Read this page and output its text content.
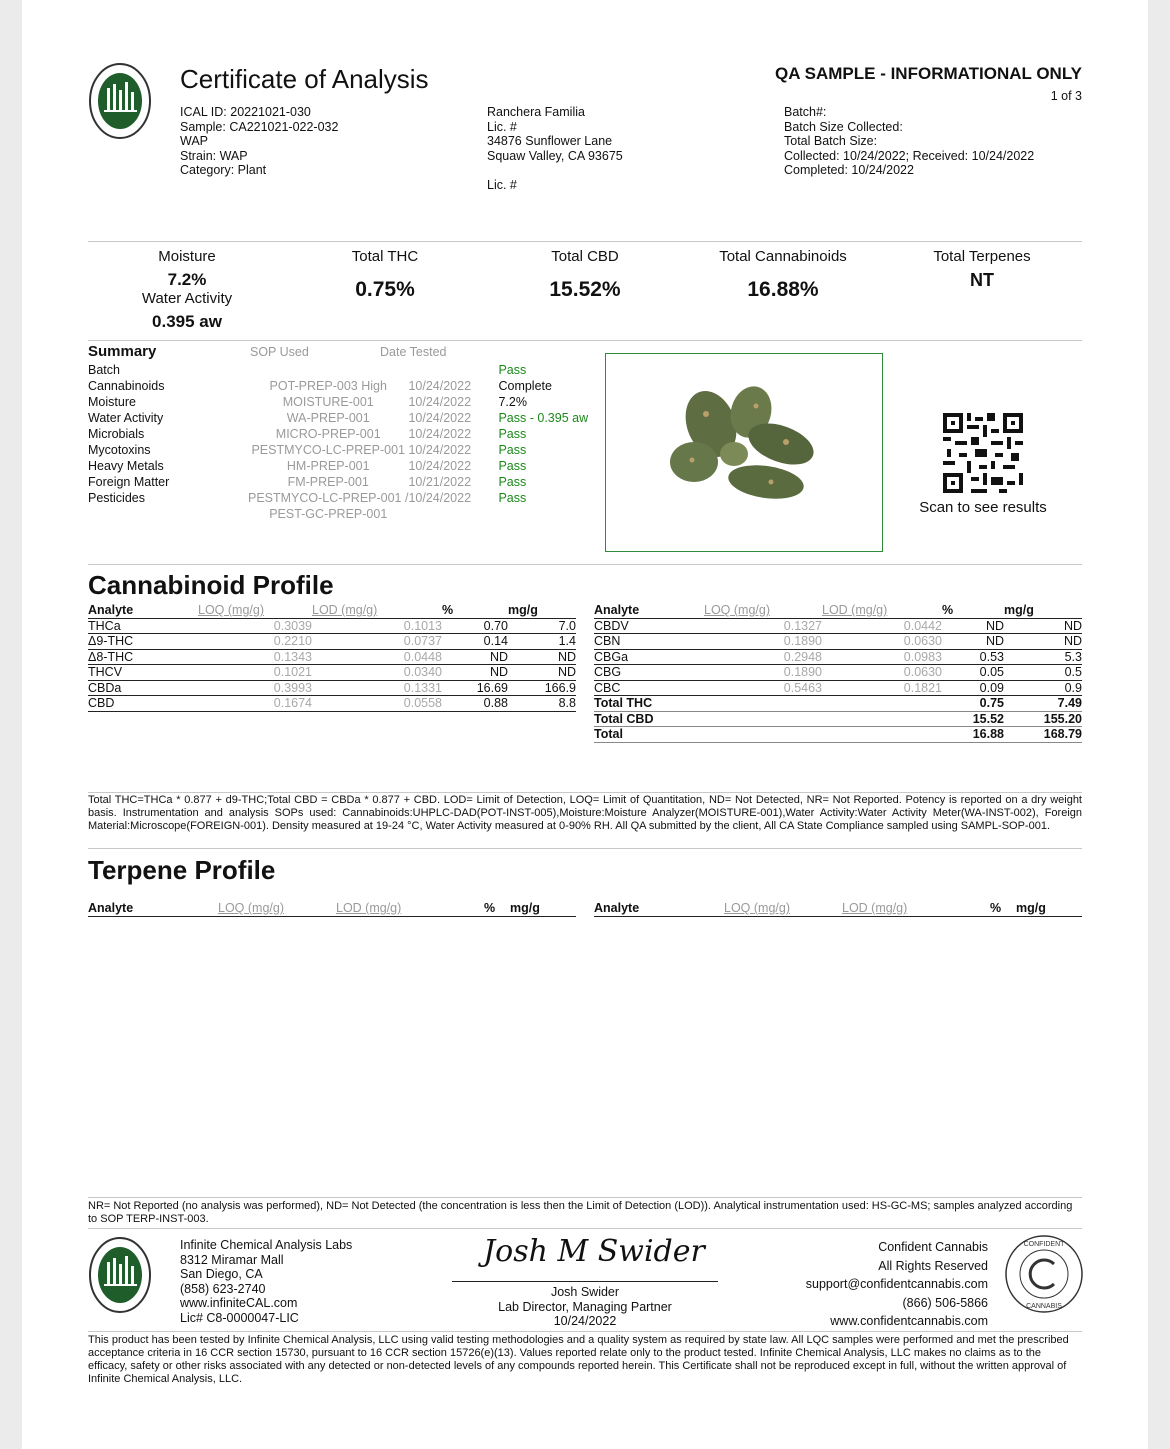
Certificate of Analysis	QA SAMPLE - INFORMATIONAL ONLY
1 of 3
ICAL ID: 20221021-030
Sample: CA221021-022-032
WAP
Strain: WAP
Category: Plant
Ranchera Familia
Lic. #
34876 Sunflower Lane
Squaw Valley, CA 93675
Lic. #
Batch#:
Batch Size Collected:
Total Batch Size:
Collected: 10/24/2022; Received: 10/24/2022
Completed: 10/24/2022
Moisture
7.2%
Water Activity
0.395 aw
Total THC
0.75%
Total CBD
15.52%
Total Cannabinoids
16.88%
Total Terpenes
NT
Summary	SOP Used	Date Tested
Batch			Pass
Cannabinoids	POT-PREP-003 High	10/24/2022	Complete
Moisture	MOISTURE-001	10/24/2022	7.2%
Water Activity	WA-PREP-001	10/24/2022	Pass - 0.395 aw
Microbials	MICRO-PREP-001	10/24/2022	Pass
Mycotoxins	PESTMYCO-LC-PREP-001	10/24/2022	Pass
Heavy Metals	HM-PREP-001	10/24/2022	Pass
Foreign Matter	FM-PREP-001	10/21/2022	Pass
Pesticides	PESTMYCO-LC-PREP-001 /	10/24/2022	Pass
	PEST-GC-PREP-001			Scan to see results
Cannabinoid Profile
Analyte	LOQ (mg/g)	LOD (mg/g)	%	mg/g
THCa	0.3039	0.1013	0.70	7.0
Δ9-THC	0.2210	0.0737	0.14	1.4
Δ8-THC	0.1343	0.0448	ND	ND
THCV	0.1021	0.0340	ND	ND
CBDa	0.3993	0.1331	16.69	166.9
CBD	0.1674	0.0558	0.88	8.8
Analyte	LOQ (mg/g)	LOD (mg/g)	%	mg/g
CBDV	0.1327	0.0442	ND	ND
CBN	0.1890	0.0630	ND	ND
CBGa	0.2948	0.0983	0.53	5.3
CBG	0.1890	0.0630	0.05	0.5
CBC	0.5463	0.1821	0.09	0.9
Total THC			0.75	7.49
Total CBD			15.52	155.20
Total			16.88	168.79
Total THC=THCa * 0.877 + d9-THC;Total CBD = CBDa * 0.877 + CBD. LOD= Limit of Detection, LOQ= Limit of Quantitation, ND= Not Detected, NR= Not Reported. Potency is reported on a dry weight basis. Instrumentation and analysis SOPs used: Cannabinoids:UHPLC-DAD(POT-INST-005),Moisture:Moisture Analyzer(MOISTURE-001),Water Activity:Water Activity Meter(WA-INST-002), Foreign Material:Microscope(FOREIGN-001). Density measured at 19-24 °C, Water Activity measured at 0-90% RH. All QA submitted by the client, All CA State Compliance sampled using SAMPL-SOP-001.
Terpene Profile
Analyte	LOQ (mg/g)	LOD (mg/g)	%	mg/g	Analyte	LOQ (mg/g)	LOD (mg/g)	%	mg/g
NR= Not Reported (no analysis was performed), ND= Not Detected (the concentration is less then the Limit of Detection (LOD)). Analytical instrumentation used: HS-GC-MS; samples analyzed according to SOP TERP-INST-003.
Infinite Chemical Analysis Labs
8312 Miramar Mall
San Diego, CA
(858) 623-2740
www.infiniteCAL.com
Lic# C8-0000047-LIC
Josh M Swider
Josh Swider
Lab Director, Managing Partner
10/24/2022
Confident Cannabis
All Rights Reserved
support@confidentcannabis.com
(866) 506-5866
www.confidentcannabis.com
CONFIDENT
CANNABIS
This product has been tested by Infinite Chemical Analysis, LLC using valid testing methodologies and a quality system as required by state law. All LQC samples were performed and met the prescribed acceptance criteria in 16 CCR section 15730, pursuant to 16 CCR section 15726(e)(13). Values reported relate only to the product tested. Infinite Chemical Analysis, LLC makes no claims as to the efficacy, safety or other risks associated with any detected or non-detected levels of any compounds reported herein. This Certificate shall not be reproduced except in full, without the written approval of Infinite Chemical Analysis, LLC.
